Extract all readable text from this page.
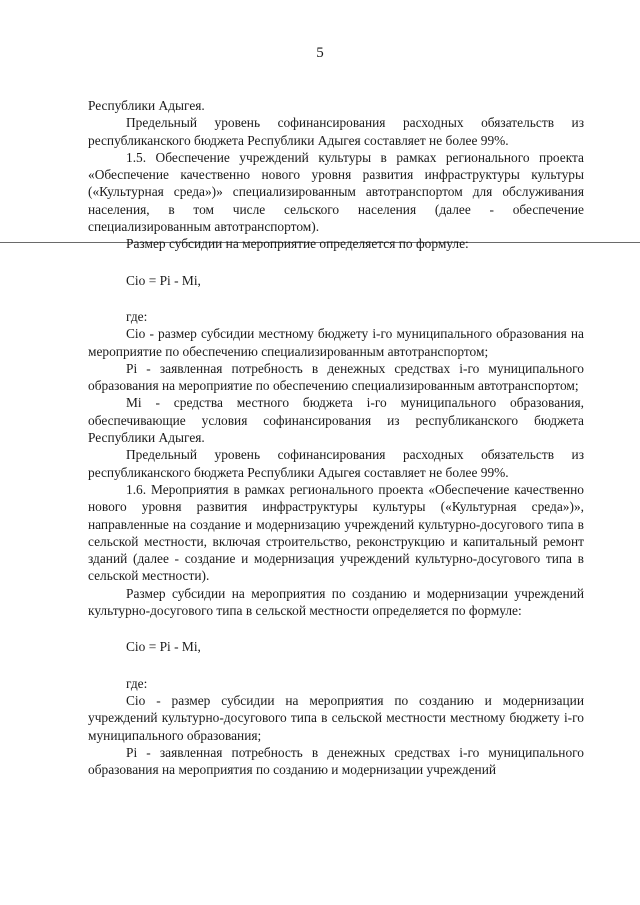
5

Республики Адыгея.

Предельный уровень софинансирования расходных обязательств из республиканского бюджета Республики Адыгея составляет не более 99%.

1.5. Обеспечение учреждений культуры в рамках регионального проекта «Обеспечение качественно нового уровня развития инфраструктуры культуры («Культурная среда»)» специализированным автотранспортом для обслуживания населения, в том числе сельского населения (далее - обеспечение специализированным автотранспортом).

Размер субсидии на мероприятие определяется по формуле:

Cio = Pi - Mi,

где:

Cio - размер субсидии местному бюджету i-го муниципального образования на мероприятие по обеспечению специализированным автотранспортом;

Pi - заявленная потребность в денежных средствах i-го муниципального образования на мероприятие по обеспечению специализированным автотранспортом;

Mi - средства местного бюджета i-го муниципального образования, обеспечивающие условия софинансирования из республиканского бюджета Республики Адыгея.

Предельный уровень софинансирования расходных обязательств из республиканского бюджета Республики Адыгея составляет не более 99%.

1.6. Мероприятия в рамках регионального проекта «Обеспечение качественно нового уровня развития инфраструктуры культуры («Культурная среда»)», направленные на создание и модернизацию учреждений культурно-досугового типа в сельской местности, включая строительство, реконструкцию и капитальный ремонт зданий (далее - создание и модернизация учреждений культурно-досугового типа в сельской местности).

Размер субсидии на мероприятия по созданию и модернизации учреждений культурно-досугового типа в сельской местности определяется по формуле:

Cio = Pi - Mi,

где:

Cio - размер субсидии на мероприятия по созданию и модернизации учреждений культурно-досугового типа в сельской местности местному бюджету i-го муниципального образования;

Pi - заявленная потребность в денежных средствах i-го муниципального образования на мероприятия по созданию и модернизации учреждений
